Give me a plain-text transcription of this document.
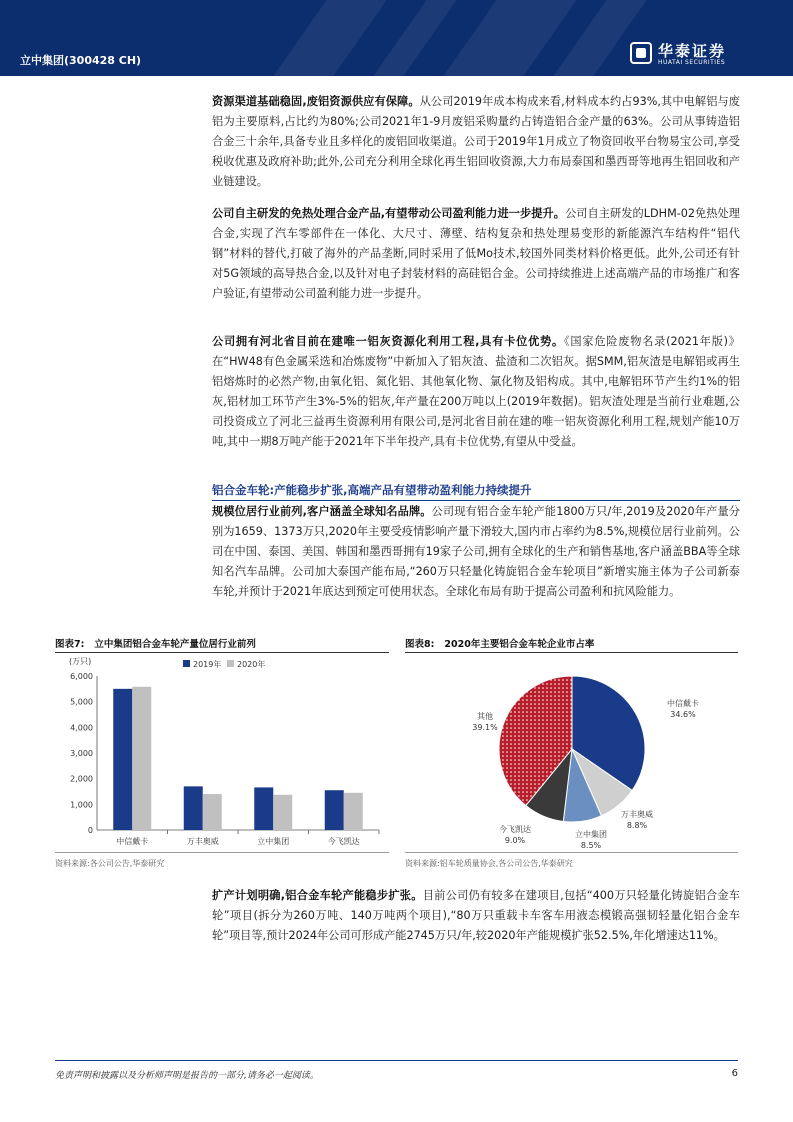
立中集团(300428 CH)
华泰证券
HUATAI SECURITIES

资源渠道基础稳固,废铝资源供应有保障。从公司2019年成本构成来看,材料成本约占93%,其中电解铝与废铝为主要原料,占比约为80%;公司2021年1-9月废铝采购量约占铸造铝合金产量的63%。公司从事铸造铝合金三十余年,具备专业且多样化的废铝回收渠道。公司于2019年1月成立了物资回收平台物易宝公司,享受税收优惠及政府补助;此外,公司充分利用全球化再生铝回收资源,大力布局泰国和墨西哥等地再生铝回收和产业链建设。

公司自主研发的免热处理合金产品,有望带动公司盈利能力进一步提升。公司自主研发的LDHM-02免热处理合金,实现了汽车零部件在一体化、大尺寸、薄壁、结构复杂和热处理易变形的新能源汽车结构件“铝代钢”材料的替代,打破了海外的产品垄断,同时采用了低Mo技术,较国外同类材料价格更低。此外,公司还有针对5G领域的高导热合金,以及针对电子封装材料的高硅铝合金。公司持续推进上述高端产品的市场推广和客户验证,有望带动公司盈利能力进一步提升。

公司拥有河北省目前在建唯一铝灰资源化利用工程,具有卡位优势。《国家危险废物名录(2021年版)》在“HW48有色金属采选和冶炼废物”中新加入了铝灰渣、盐渣和二次铝灰。据SMM,铝灰渣是电解铝或再生铝熔炼时的必然产物,由氧化铝、氮化铝、其他氧化物、氯化物及铝构成。其中,电解铝环节产生约1%的铝灰,铝材加工环节产生3%-5%的铝灰,年产量在200万吨以上(2019年数据)。铝灰渣处理是当前行业难题,公司投资成立了河北三益再生资源利用有限公司,是河北省目前在建的唯一铝灰资源化利用工程,规划产能10万吨,其中一期8万吨产能于2021年下半年投产,具有卡位优势,有望从中受益。

铝合金车轮:产能稳步扩张,高端产品有望带动盈利能力持续提升

规模位居行业前列,客户涵盖全球知名品牌。公司现有铝合金车轮产能1800万只/年,2019及2020年产量分别为1659、1373万只,2020年主要受疫情影响产量下滑较大,国内市占率约为8.5%,规模位居行业前列。公司在中国、泰国、美国、韩国和墨西哥拥有19家子公司,拥有全球化的生产和销售基地,客户涵盖BBA等全球知名汽车品牌。公司加大泰国产能布局,“260万只轻量化铸旋铝合金车轮项目”新增实施主体为子公司新泰车轮,并预计于2021年底达到预定可使用状态。全球化布局有助于提高公司盈利和抗风险能力。

图表7: 立中集团铝合金车轮产量位居行业前列
(万只)
0
1,000
2,000
3,000
4,000
5,000
6,000
2019年 2020年
中信戴卡	万丰奥威	立中集团	今飞凯达
资料来源:各公司公告,华泰研究
图表8: 2020年主要铝合金车轮企业市占率
中信戴卡
34.6%
万丰奥威
8.8%
立中集团
8.5%
今飞凯达
9.0%
其他
39.1%
资料来源:铝车轮质量协会,各公司公告,华泰研究

扩产计划明确,铝合金车轮产能稳步扩张。目前公司仍有较多在建项目,包括“400万只轻量化铸旋铝合金车轮”项目(拆分为260万吨、140万吨两个项目),“80万只重载卡车客车用液态模锻高强韧轻量化铝合金车轮”项目等,预计2024年公司可形成产能2745万只/年,较2020年产能规模扩张52.5%,年化增速达11%。

免责声明和披露以及分析师声明是报告的一部分,请务必一起阅读。	6
